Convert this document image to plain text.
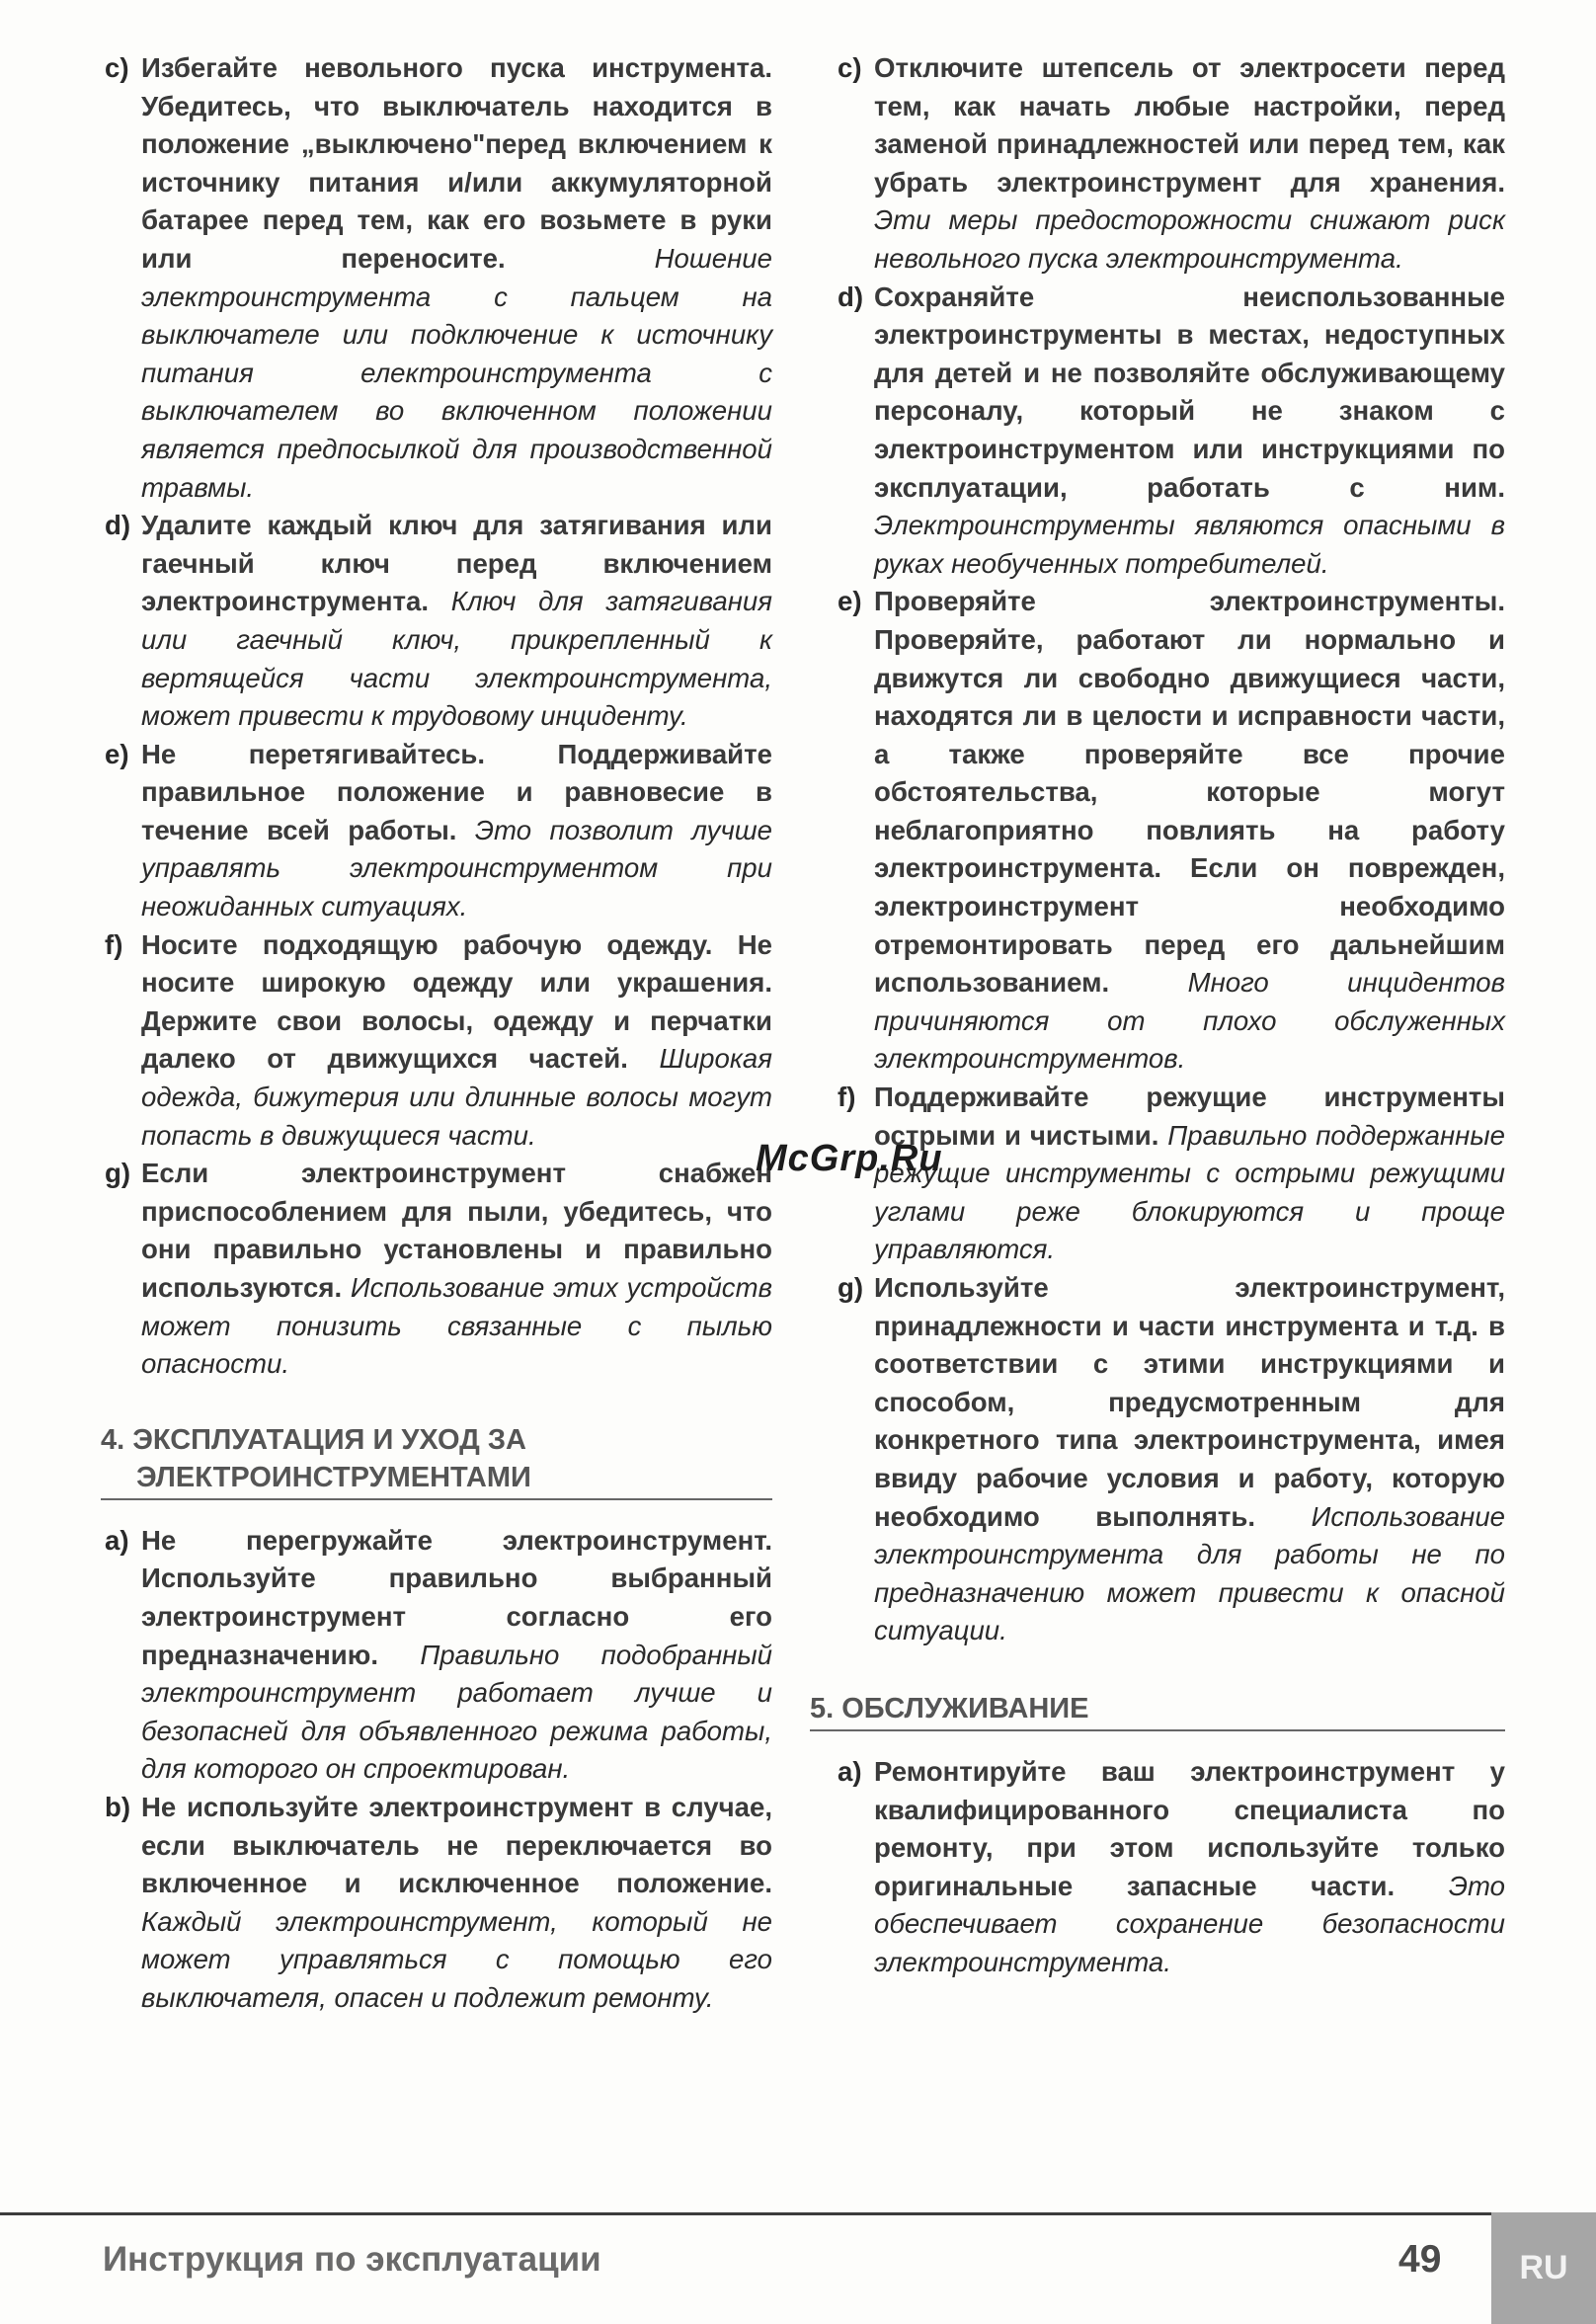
c) Избегайте невольного пуска инструмента. Убедитесь, что выключатель находится в положение „выключено"перед включением к источнику питания и/или аккумуляторной батарее перед тем, как его возьмете в руки или переносите.	Ношение электроинструмента с пальцем на выключателе или подключение к источнику питания електроинструмента с выключателем во включенном положении является предпосылкой для производственной травмы.
d) Удалите каждый ключ для затягивания или гаечный ключ перед включением электроинструмента. Ключ для затягивания или гаечный ключ, прикрепленный к вертящейся части электроинструмента, может привести к трудовому инциденту.
e) Не перетягивайтесь. Поддерживайте правильное положение и равновесие в течение всей работы. Это позволит лучше управлять электроинструментом при неожиданных ситуациях.
f) Носите подходящую рабочую одежду. Не носите широкую одежду или украшения. Держите свои волосы, одежду и перчатки далеко от движущихся частей. Широкая одежда, бижутерия или длинные волосы могут попасть в движущиеся части.
g) Если электроинструмент снабжен приспособлением для пыли, убедитесь, что они правильно установлены и правильно используются. Использование этих устройств может понизить связанные с пылью опасности.
4. ЭКСПЛУАТАЦИЯ И УХОД ЗА
ЭЛЕКТРОИНСТРУМЕНТАМИ
a) Не перегружайте электроинструмент. Используйте правильно выбранный электроинструмент согласно его предназначению. Правильно подобранный электроинструмент работает лучше и безопасней для объявленного режима работы, для которого он спроектирован.
b) Не используйте электроинструмент в случае, если выключатель не переключается во включенное и исключенное положение. Каждый электроинструмент, который не может управляться с помощью его выключателя, опасен и подлежит ремонту.
c) Отключите штепсель от электросети перед тем, как начать любые настройки, перед заменой принадлежностей или перед тем, как убрать электроинструмент для хранения. Эти меры предосторожности снижают риск невольного пуска электроинструмента.
d) Сохраняйте неиспользованные электроинструменты в местах, недоступных для детей и не позволяйте обслуживающему персоналу, который не знаком с электроинструментом или инструкциями по эксплуатации, работать с ним. Электроинструменты являются опасными в руках необученных потребителей.
e) Проверяйте электроинструменты. Проверяйте, работают ли нормально и движутся ли свободно движущиеся части, находятся ли в целости и исправности части, а также проверяйте все прочие обстоятельства, которые могут неблагоприятно повлиять на работу электроинструмента. Если он поврежден, электроинструмент необходимо отремонтировать перед его дальнейшим использованием.	Много инцидентов причиняются от плохо обслуженных электроинструментов.
f) Поддерживайте режущие инструменты острыми и чистыми. Правильно поддержанные режущие инструменты с острыми режущими углами реже блокируются и проще управляются.
g) Используйте электроинструмент, принадлежности и части инструмента и т.д. в соответствии с этими инструкциями и способом, предусмотренным для конкретного типа электроинструмента, имея ввиду рабочие условия и работу, которую необходимо выполнять. Использование электроинструмента для работы не по предназначению может привести к опасной ситуации.
5. ОБСЛУЖИВАНИЕ
a) Ремонтируйте ваш электроинструмент у квалифицированного специалиста по ремонту, при этом используйте только оригинальные запасные части. Это обеспечивает сохранение безопасности электроинструмента.
McGrp.Ru
Инструкция по эксплуатации	49 RU
